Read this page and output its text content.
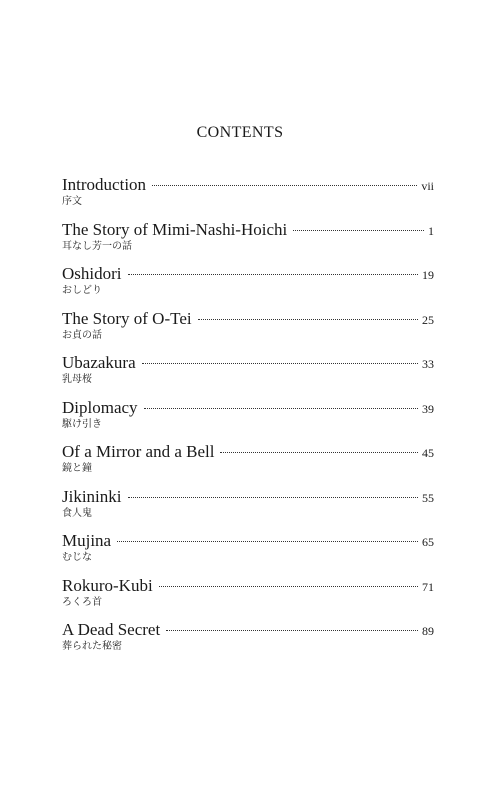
CONTENTS
Introduction	vii
序文
The Story of Mimi-Nashi-Hoichi	1
耳なし芳一の話
Oshidori	19
おしどり
The Story of O-Tei	25
お貞の話
Ubazakura	33
乳母桜
Diplomacy	39
駆け引き
Of a Mirror and a Bell	45
鏡と鐘
Jikininki	55
食人鬼
Mujina	65
むじな
Rokuro-Kubi	71
ろくろ首
A Dead Secret	89
葬られた秘密
